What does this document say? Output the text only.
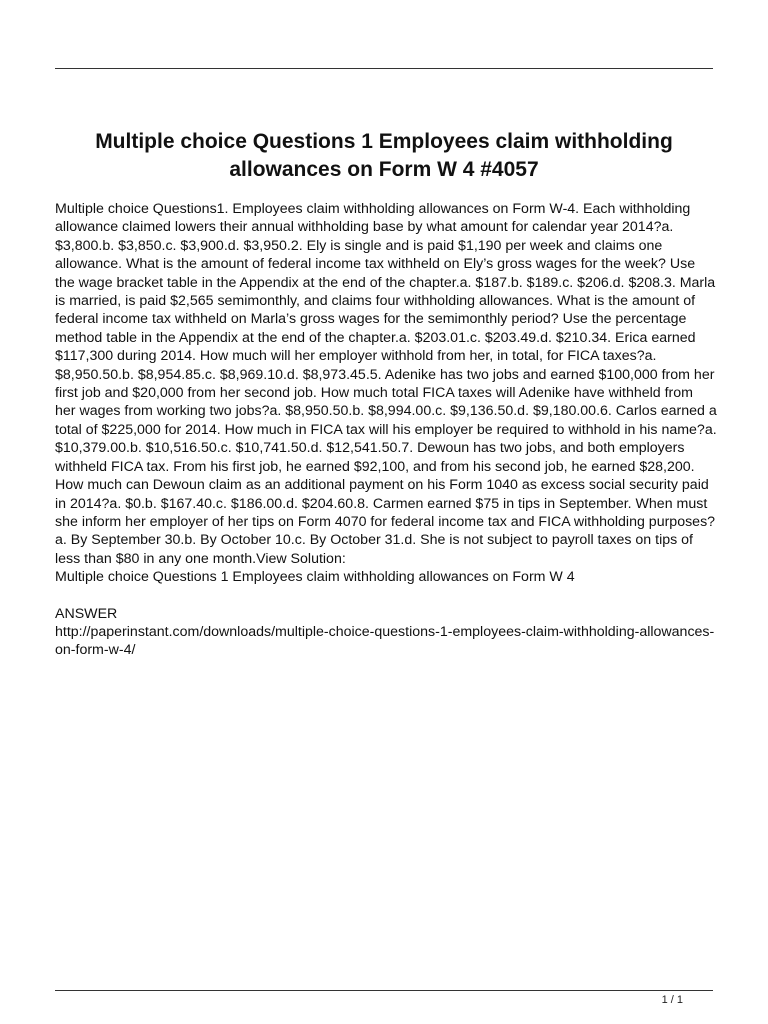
Multiple choice Questions 1 Employees claim withholding allowances on Form W 4 #4057

Multiple choice Questions1. Employees claim withholding allowances on Form W-4. Each withholding allowance claimed lowers their annual withholding base by what amount for calendar year 2014?a. $3,800.b. $3,850.c. $3,900.d. $3,950.2. Ely is single and is paid $1,190 per week and claims one allowance. What is the amount of federal income tax withheld on Ely’s gross wages for the week? Use the wage bracket table in the Appendix at the end of the chapter.a. $187.b. $189.c. $206.d. $208.3. Marla is married, is paid $2,565 semimonthly, and claims four withholding allowances. What is the amount of federal income tax withheld on Marla’s gross wages for the semimonthly period? Use the percentage method table in the Appendix at the end of the chapter.a. $203.01.c. $203.49.d. $210.34. Erica earned $117,300 during 2014. How much will her employer withhold from her, in total, for FICA taxes?a. $8,950.50.b. $8,954.85.c. $8,969.10.d. $8,973.45.5. Adenike has two jobs and earned $100,000 from her first job and $20,000 from her second job. How much total FICA taxes will Adenike have withheld from her wages from working two jobs?a. $8,950.50.b. $8,994.00.c. $9,136.50.d. $9,180.00.6. Carlos earned a total of $225,000 for 2014. How much in FICA tax will his employer be required to withhold in his name?a. $10,379.00.b. $10,516.50.c. $10,741.50.d. $12,541.50.7. Dewoun has two jobs, and both employers withheld FICA tax. From his first job, he earned $92,100, and from his second job, he earned $28,200. How much can Dewoun claim as an additional payment on his Form 1040 as excess social security paid in 2014?a. $0.b. $167.40.c. $186.00.d. $204.60.8. Carmen earned $75 in tips in September. When must she inform her employer of her tips on Form 4070 for federal income tax and FICA withholding purposes?a. By September 30.b. By October 10.c. By October 31.d. She is not subject to payroll taxes on tips of less than $80 in any one month.View Solution:

Multiple choice Questions 1 Employees claim withholding allowances on Form W 4

ANSWER

http://paperinstant.com/downloads/multiple-choice-questions-1-employees-claim-withholding-allowances-on-form-w-4/

1 / 1
